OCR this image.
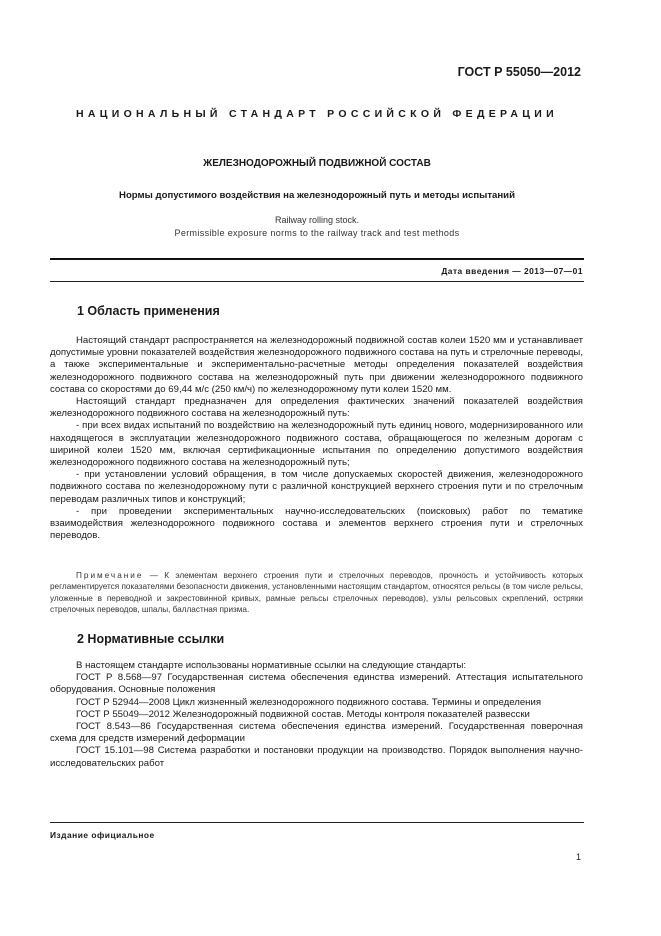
ГОСТ Р 55050—2012
НАЦИОНАЛЬНЫЙ СТАНДАРТ РОССИЙСКОЙ ФЕДЕРАЦИИ
ЖЕЛЕЗНОДОРОЖНЫЙ ПОДВИЖНОЙ СОСТАВ
Нормы допустимого воздействия на железнодорожный путь и методы испытаний
Railway rolling stock.
Permissible exposure norms to the railway track and test methods
Дата введения — 2013—07—01
1 Область применения

Настоящий стандарт распространяется на железнодорожный подвижной состав колеи 1520 мм и устанавливает допустимые уровни показателей воздействия железнодорожного подвижного состава на путь и стрелочные переводы, а также экспериментальные и экспериментально-расчетные методы определения показателей воздействия железнодорожного подвижного состава на железнодорожный путь при движении железнодорожного подвижного состава со скоростями до 69,44 м/с (250 км/ч) по железнодорожному пути колеи 1520 мм.

Настоящий стандарт предназначен для определения фактических значений показателей воздействия железнодорожного подвижного состава на железнодорожный путь:

- при всех видах испытаний по воздействию на железнодорожный путь единиц нового, модернизированного или находящегося в эксплуатации железнодорожного подвижного состава, обращающегося по железным дорогам с шириной колеи 1520 мм, включая сертификационные испытания по определению допустимого воздействия железнодорожного подвижного состава на железнодорожный путь;

- при установлении условий обращения, в том числе допускаемых скоростей движения, железнодорожного подвижного состава по железнодорожному пути с различной конструкцией верхнего строения пути и по стрелочным переводам различных типов и конструкций;

- при проведении экспериментальных научно-исследовательских (поисковых) работ по тематике взаимодействия железнодорожного подвижного состава и элементов верхнего строения пути и стрелочных переводов.

Примечание — К элементам верхнего строения пути и стрелочных переводов, прочность и устойчивость которых регламентируется показателями безопасности движения, установленными настоящим стандартом, относятся рельсы (в том числе рельсы, уложенные в переводной и закрестовинной кривых, рамные рельсы стрелочных переводов), узлы рельсовых скреплений, остряки стрелочных переводов, шпалы, балластная призма.

2 Нормативные ссылки

В настоящем стандарте использованы нормативные ссылки на следующие стандарты:

ГОСТ Р 8.568—97 Государственная система обеспечения единства измерений. Аттестация испытательного оборудования. Основные положения

ГОСТ Р 52944—2008 Цикл жизненный железнодорожного подвижного состава. Термины и определения

ГОСТ Р 55049—2012 Железнодорожный подвижной состав. Методы контроля показателей развесски

ГОСТ 8.543—86 Государственная система обеспечения единства измерений. Государственная поверочная схема для средств измерений деформации

ГОСТ 15.101—98 Система разработки и постановки продукции на производство. Порядок выполнения научно-исследовательских работ

Издание официальное
1
